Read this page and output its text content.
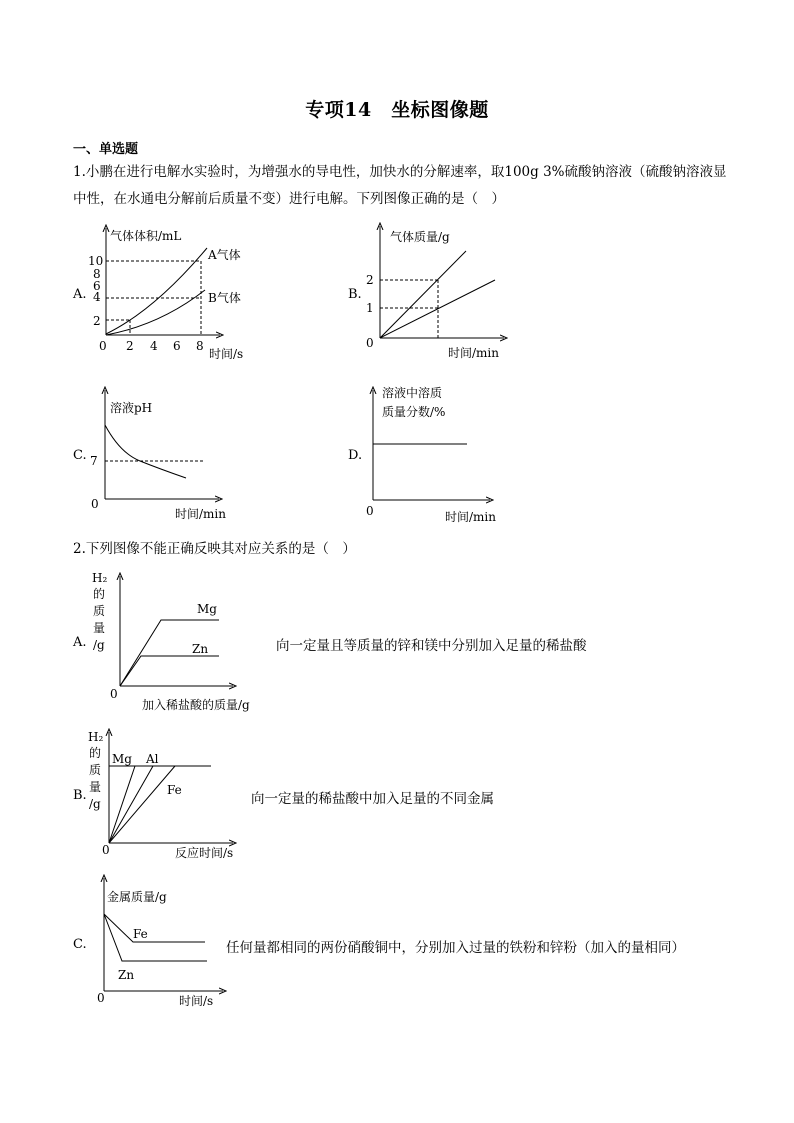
专项14　坐标图像题
一、单选题
1.小鹏在进行电解水实验时，为增强水的导电性，加快水的分解速率，取100g 3%硫酸钠溶液（硫酸钠溶液显中性，在水通电分解前后质量不变）进行电解。下列图像正确的是（　）
A.
气体体积/mL
A气体
B气体
2
4
6
8
10
0 2 4 6 8
时间/s
B.
气体质量/g
2
1
0
时间/min
C.
溶液pH
7
0
时间/min
D.
溶液中溶质
质量分数/%
0	时间/min
2.下列图像不能正确反映其对应关系的是（　）
A.
H₂
的
质
量
/g
Mg
Zn
0
加入稀盐酸的质量/g
向一定量且等质量的锌和镁中分别加入足量的稀盐酸
B.
H₂
的
质
量
/g
Mg Al
Fe
0	反应时间/s
向一定量的稀盐酸中加入足量的不同金属
C.
金属质量/g
Fe
Zn
0	时间/s
任何量都相同的两份硝酸铜中，分别加入过量的铁粉和锌粉（加入的量相同）
